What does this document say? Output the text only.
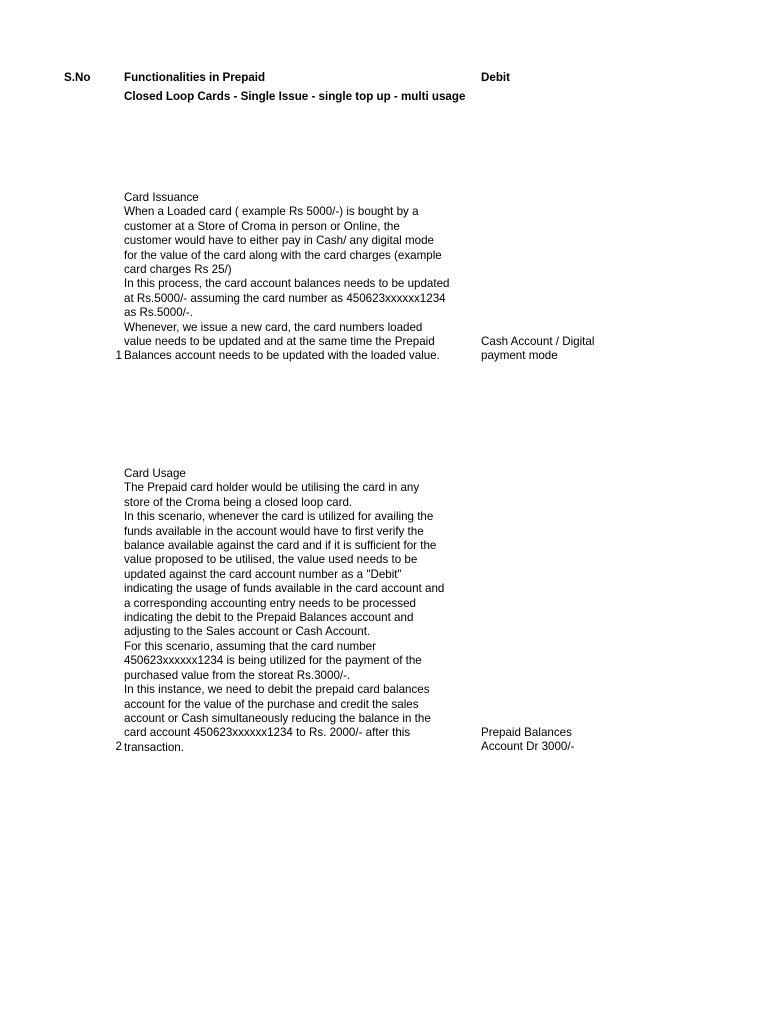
S.No	Functionalities in Prepaid
Closed Loop Cards - Single Issue - single top up - multi usage
Debit
1
Card Issuance
When a Loaded card ( example Rs 5000/-) is bought by a
customer at a Store of Croma in person or Online, the
customer would have to either pay in Cash/ any digital mode
for the value of the card along with the card charges (example
card charges Rs 25/)
In this process, the card account balances needs to be updated
at Rs.5000/- assuming the card number as 450623xxxxxx1234
as Rs.5000/-.
Whenever, we issue a new card, the card numbers loaded
value needs to be updated and at the same time the Prepaid
Balances account needs to be updated with the loaded value.
Cash Account / Digital
payment mode
2
Card Usage
The Prepaid card holder would be utilising the card in any
store of the Croma being a closed loop card.
In this scenario, whenever the card is utilized for availing the
funds available in the account would have to first verify the
balance available against the card and if it is sufficient for the
value proposed to be utilised, the value used needs to be
updated against the card account number as a "Debit"
indicating the usage of funds available in the card account and
a corresponding accounting entry needs to be processed
indicating the debit to the Prepaid Balances account and
adjusting to the Sales account or Cash Account.
For this scenario, assuming that the card number
450623xxxxxx1234 is being utilized for the payment of the
purchased value from the storeat Rs.3000/-.
In this instance, we need to debit the prepaid card balances
account for the value of the purchase and credit the sales
account or Cash simultaneously reducing the balance in the
card account 450623xxxxxx1234 to Rs. 2000/- after this
transaction.
Prepaid Balances
Account Dr 3000/-
